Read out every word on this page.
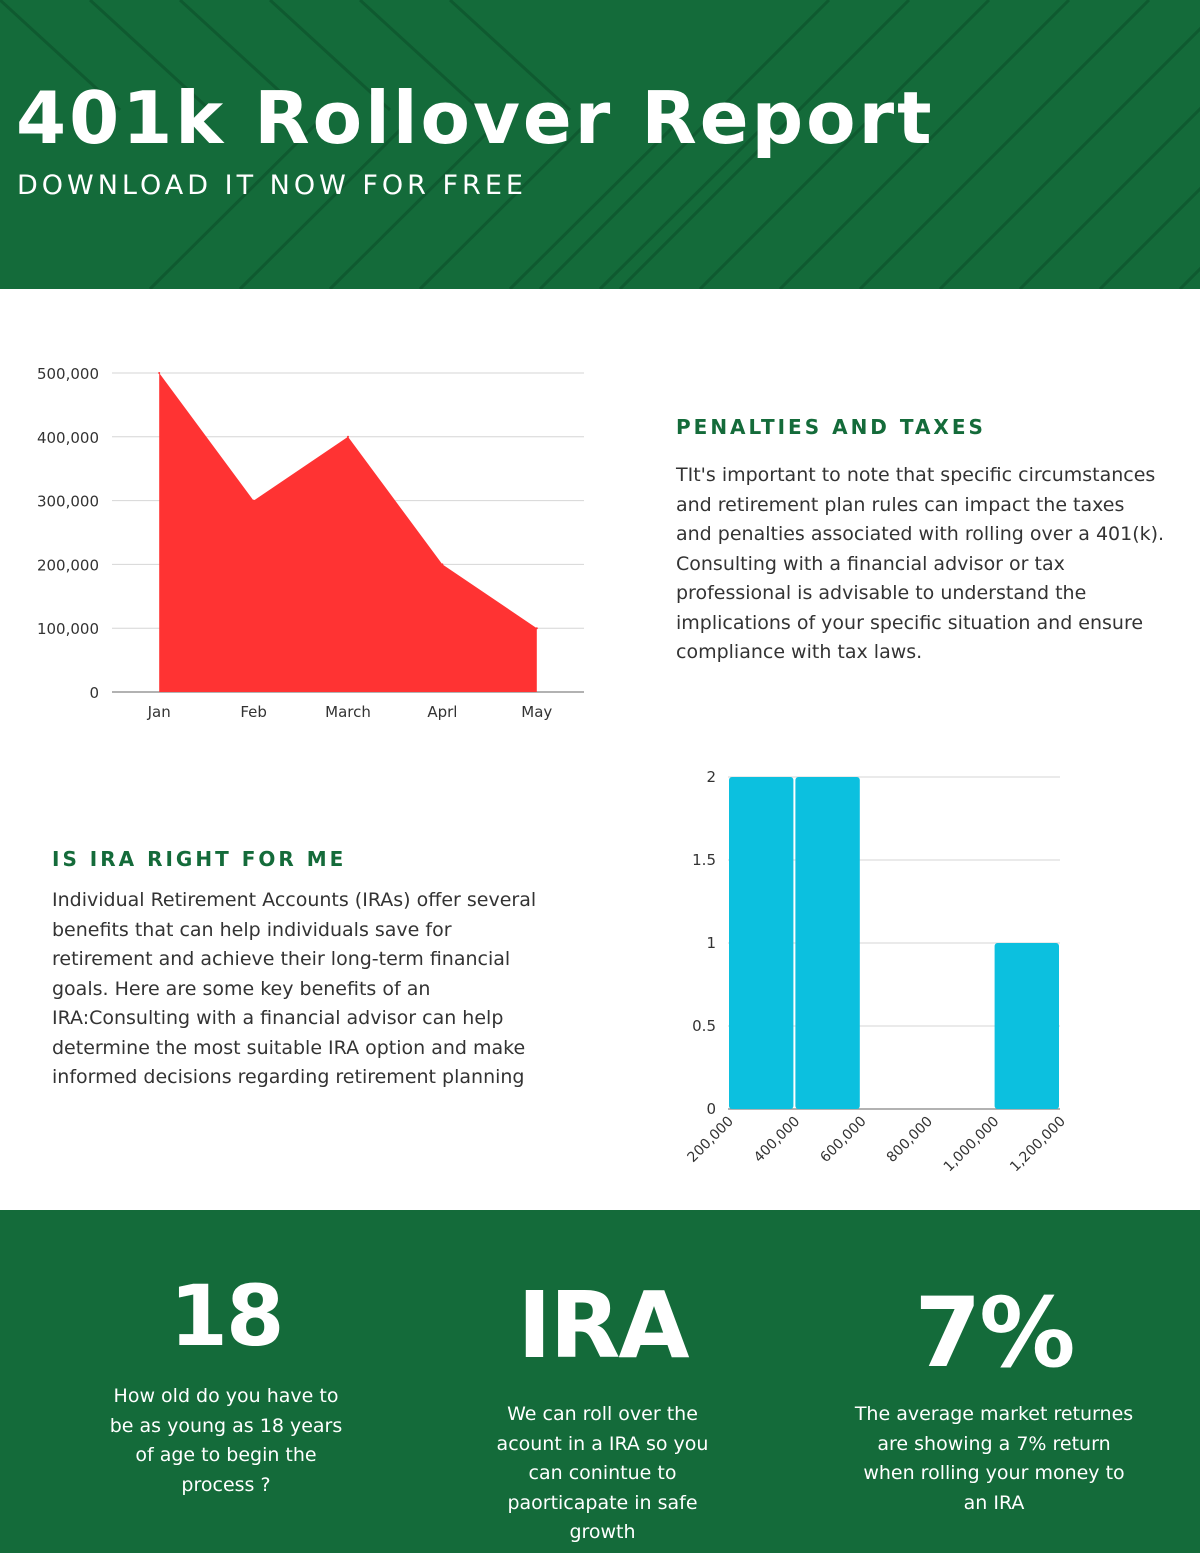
401k Rollover Report

DOWNLOAD IT NOW FOR FREE

0
100,000
200,000
300,000
400,000
500,000
Jan	Feb	March	Aprl	May
PENALTIES AND TAXES

TIt's important to note that specific circumstances and retirement plan rules can impact the taxes and penalties associated with rolling over a 401(k). Consulting with a financial advisor or tax professional is advisable to understand the implications of your specific situation and ensure compliance with tax laws.

0
0.5
1
1.5
2
200,000 400,000 600,000 800,000 1,000,000 1,200,000
IS IRA RIGHT FOR ME

Individual Retirement Accounts (IRAs) offer several benefits that can help individuals save for retirement and achieve their long-term financial goals. Here are some key benefits of an IRA:Consulting with a financial advisor can help determine the most suitable IRA option and make informed decisions regarding retirement planning

18
How old do you have to be as young as 18 years of age to begin the process ?
IRA
We can roll over the acount in a IRA so you can conintue to paorticapate in safe growth
7%
The average market returnes are showing a 7% return when rolling your money to an IRA
